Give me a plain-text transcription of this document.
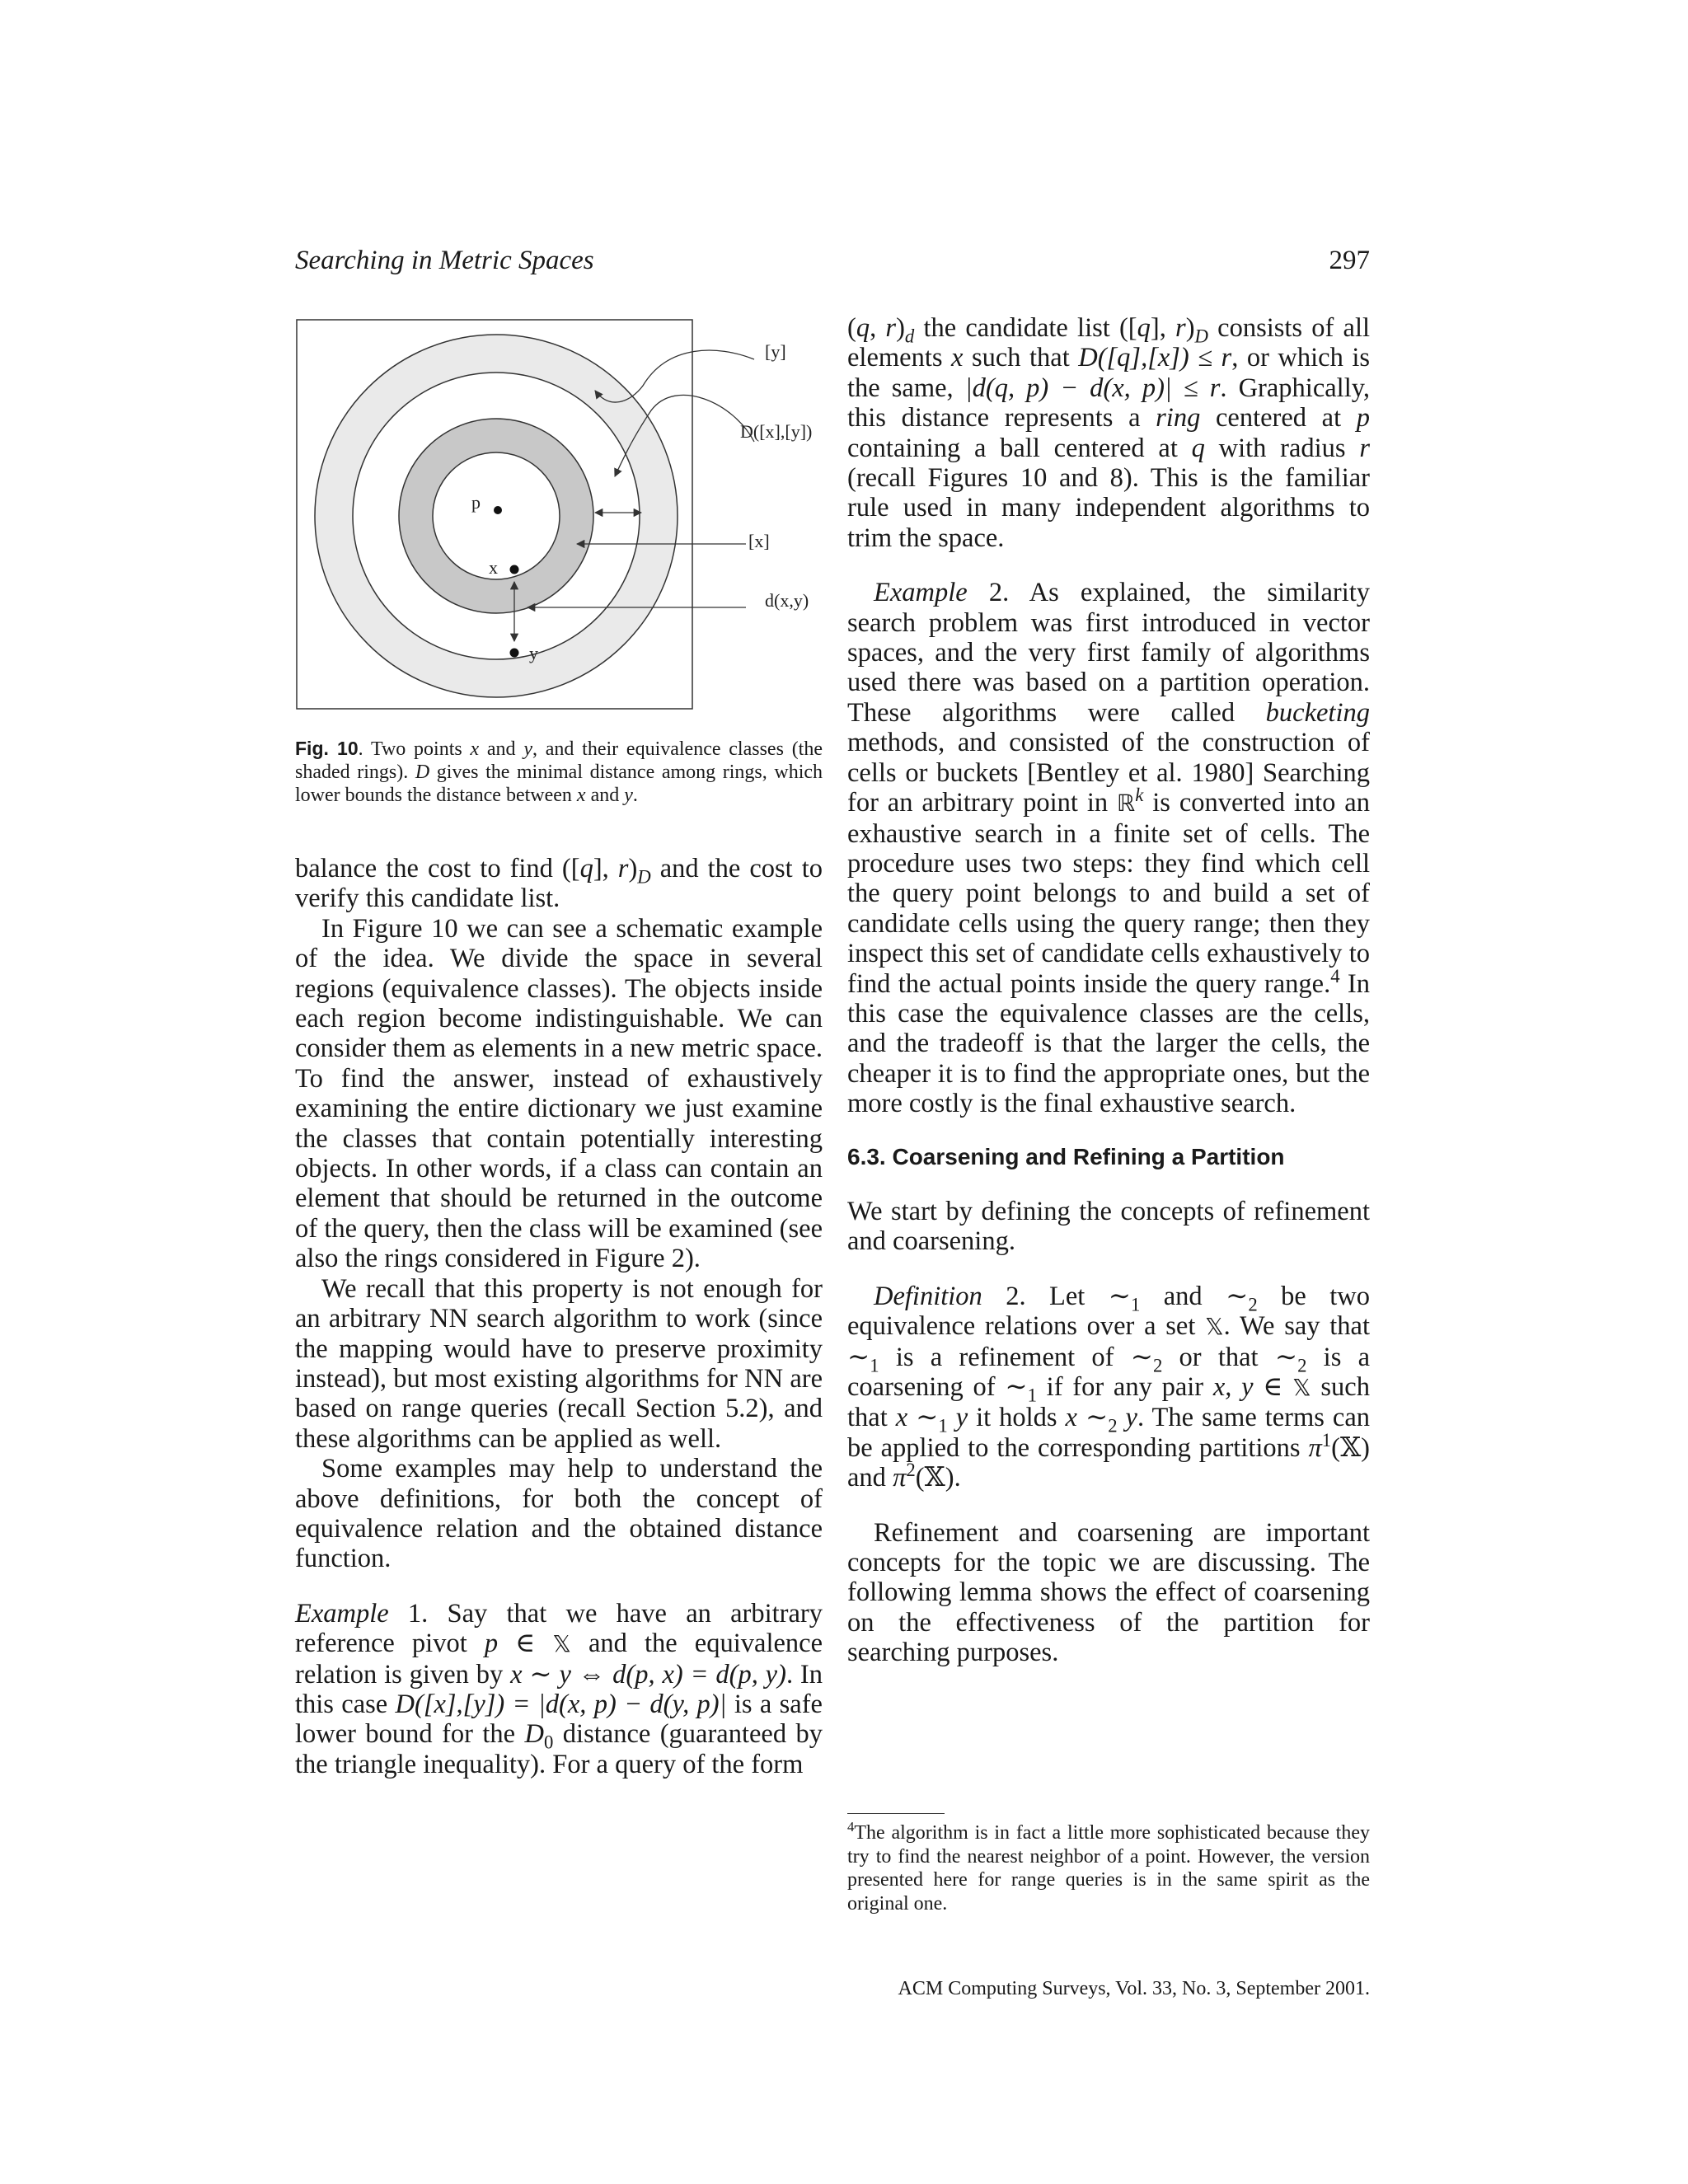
Searching in Metric Spaces	297
p
x
y
[y]
D([x],[y])
[x]
d(x,y)
Fig. 10. Two points x and y, and their equivalence classes (the shaded rings). D gives the minimal distance among rings, which lower bounds the distance between x and y.

balance the cost to find ([q], $r)_D$ and the cost to verify this candidate list.

In Figure 10 we can see a schematic example of the idea. We divide the space in several regions (equivalence classes). The objects inside each region become indistinguishable. We can consider them as elements in a new metric space. To find the answer, instead of exhaustively examining the entire dictionary we just examine the classes that contain potentially interesting objects. In other words, if a class can contain an element that should be returned in the outcome of the query, then the class will be examined (see also the rings considered in Figure 2).

We recall that this property is not enough for an arbitrary NN search algorithm to work (since the mapping would have to preserve proximity instead), but most existing algorithms for NN are based on range queries (recall Section 5.2), and these algorithms can be applied as well.

Some examples may help to understand the above definitions, for both the concept of equivalence relation and the obtained distance function.

Example 1. Say that we have an arbitrary reference pivot p ∈ 𝕏 and the equivalence relation is given by x ∼ y ⇔ d(p, x) = d(p, y). In this case D([x],[y]) = |d(x, p) − d(y, p)| is a safe lower bound for the $D_0$ distance (guaranteed by the triangle inequality). For a query of the form

(q, $r)_d$ the candidate list ([q], $r)_D$ consists of all elements x such that D([q],[x]) ≤ r, or which is the same, |d(q, p) − d(x, p)| ≤ r. Graphically, this distance represents a ring centered at p containing a ball centered at q with radius r (recall Figures 10 and 8). This is the familiar rule used in many independent algorithms to trim the space.

Example 2. As explained, the similarity search problem was first introduced in vector spaces, and the very first family of algorithms used there was based on a partition operation. These algorithms were called bucketing methods, and consisted of the construction of cells or buckets [Bentley et al. 1980] Searching for an arbitrary point in ℝ$^k$ is converted into an exhaustive search in a finite set of cells. The procedure uses two steps: they find which cell the query point belongs to and build a set of candidate cells using the query range; then they inspect this set of candidate cells exhaustively to find the actual points inside the query range.$^4$ In this case the equivalence classes are the cells, and the tradeoff is that the larger the cells, the cheaper it is to find the appropriate ones, but the more costly is the final exhaustive search.

6.3. Coarsening and Refining a Partition

We start by defining the concepts of refinement and coarsening.

Definition 2. Let $\sim_1$ and $\sim_2$ be two equivalence relations over a set 𝕏. We say that $\sim_1$ is a refinement of $\sim_2$ or that $\sim_2$ is a coarsening of $\sim_1$ if for any pair x, y ∈ 𝕏 such that x $\sim_1$ y it holds x $\sim_2$ y. The same terms can be applied to the corresponding partitions $\pi^1(𝕏)$ and $\pi^2(𝕏)$.

Refinement and coarsening are important concepts for the topic we are discussing. The following lemma shows the effect of coarsening on the effectiveness of the partition for searching purposes.

$^4$The algorithm is in fact a little more sophisticated because they try to find the nearest neighbor of a point. However, the version presented here for range queries is in the same spirit as the original one.
ACM Computing Surveys, Vol. 33, No. 3, September 2001.
